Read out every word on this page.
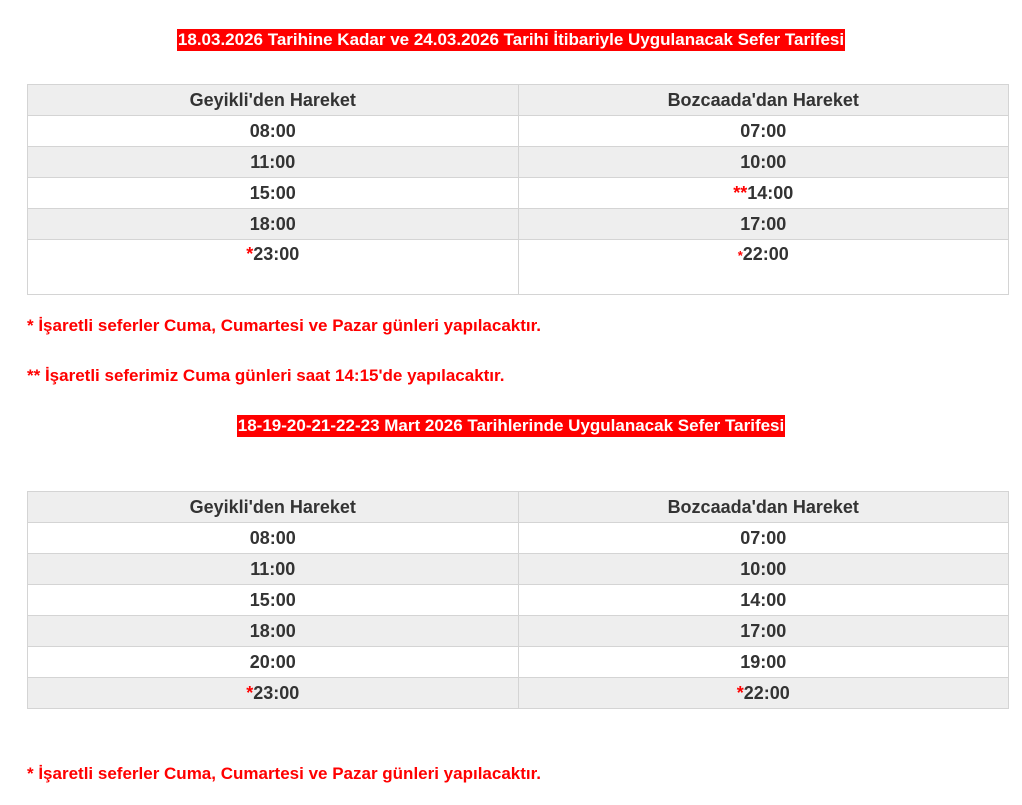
18.03.2026 Tarihine Kadar ve 24.03.2026 Tarihi İtibariyle Uygulanacak Sefer Tarifesi
Geyikli'den Hareket	Bozcaada'dan Hareket
08:00	07:00
11:00	10:00
15:00	**14:00
18:00	17:00
*23:00	*22:00
* İşaretli seferler Cuma, Cumartesi ve Pazar günleri yapılacaktır.
** İşaretli seferimiz Cuma günleri saat 14:15'de yapılacaktır.
18-19-20-21-22-23 Mart 2026 Tarihlerinde Uygulanacak Sefer Tarifesi
Geyikli'den Hareket	Bozcaada'dan Hareket
08:00	07:00
11:00	10:00
15:00	14:00
18:00	17:00
20:00	19:00
*23:00	*22:00
* İşaretli seferler Cuma, Cumartesi ve Pazar günleri yapılacaktır.
